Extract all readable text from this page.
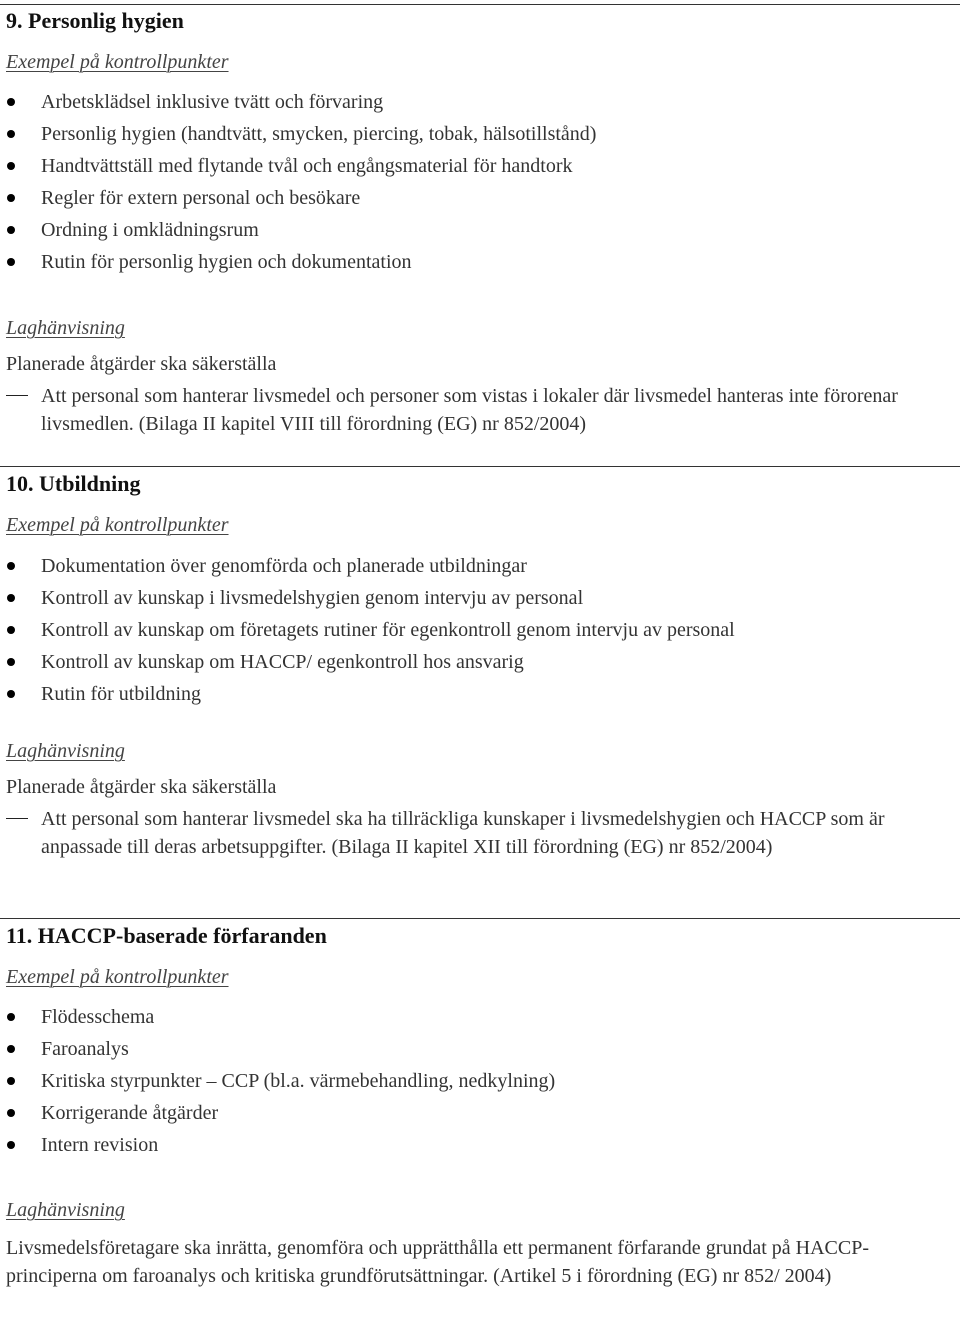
9. Personlig hygien

Exempel på kontrollpunkter

Arbetsklädsel inklusive tvätt och förvaring
Personlig hygien (handtvätt, smycken, piercing, tobak, hälsotillstånd)
Handtvättställ med flytande tvål och engångsmaterial för handtork
Regler för extern personal och besökare
Ordning i omklädningsrum
Rutin för personlig hygien och dokumentation

Laghänvisning

Planerade åtgärder ska säkerställa

Att personal som hanterar livsmedel och personer som vistas i lokaler där livsmedel hanteras inte förorenar livsmedlen. (Bilaga II kapitel VIII till förordning (EG) nr 852/2004)

10. Utbildning

Exempel på kontrollpunkter

Dokumentation över genomförda och planerade utbildningar
Kontroll av kunskap i livsmedelshygien genom intervju av personal
Kontroll av kunskap om företagets rutiner för egenkontroll genom intervju av personal
Kontroll av kunskap om HACCP/ egenkontroll hos ansvarig
Rutin för utbildning

Laghänvisning

Planerade åtgärder ska säkerställa

Att personal som hanterar livsmedel ska ha tillräckliga kunskaper i livsmedelshygien och HACCP som är anpassade till deras arbetsuppgifter. (Bilaga II kapitel XII till förordning (EG) nr 852/2004)

11. HACCP-baserade förfaranden

Exempel på kontrollpunkter

Flödesschema
Faroanalys
Kritiska styrpunkter – CCP (bl.a. värmebehandling, nedkylning)
Korrigerande åtgärder
Intern revision

Laghänvisning

Livsmedelsföretagare ska inrätta, genomföra och upprätthålla ett permanent förfarande grundat på HACCP-principerna om faroanalys och kritiska grundförutsättningar. (Artikel 5 i förordning (EG) nr 852/ 2004)
